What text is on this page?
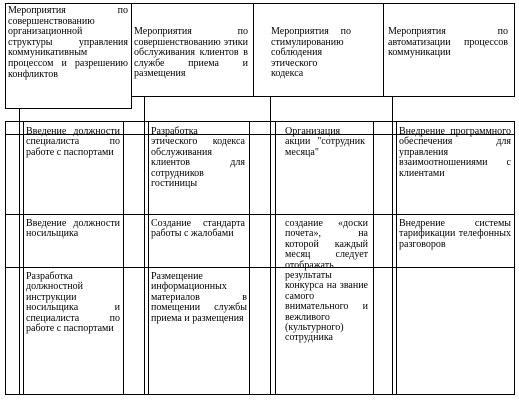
Мероприятия по совершенствованию организационной структуры управления коммуникативным процессом и разрешению конфликтов
Мероприятия по совершенствованию этики обслуживания клиентов в службе приема и размещения
Мероприятия по стимулированию соблюдения этического кодекса
Мероприятия по автоматизации процессов коммуникации
Введение должности специалиста по работе с паспортами
Разработка этического кодекса обслуживания клиентов для сотрудников гостиницы
Организация акции "сотрудник месяца"
Внедрение программного обеспечения для управления взаимоотношениями с клиентами
Введение должности носильщика
Создание стандарта работы с жалобами
создание «доски почета», на которой каждый месяц следует отображать результаты конкурса на звание самого внимательного и вежливого (культурного) сотрудника
Внедрение системы тарификации телефонных разговоров
Разработка должностной инструкции носильщика и специалиста по работе с паспортами
Размещение информационных материалов в помещении службы приема и размещения
